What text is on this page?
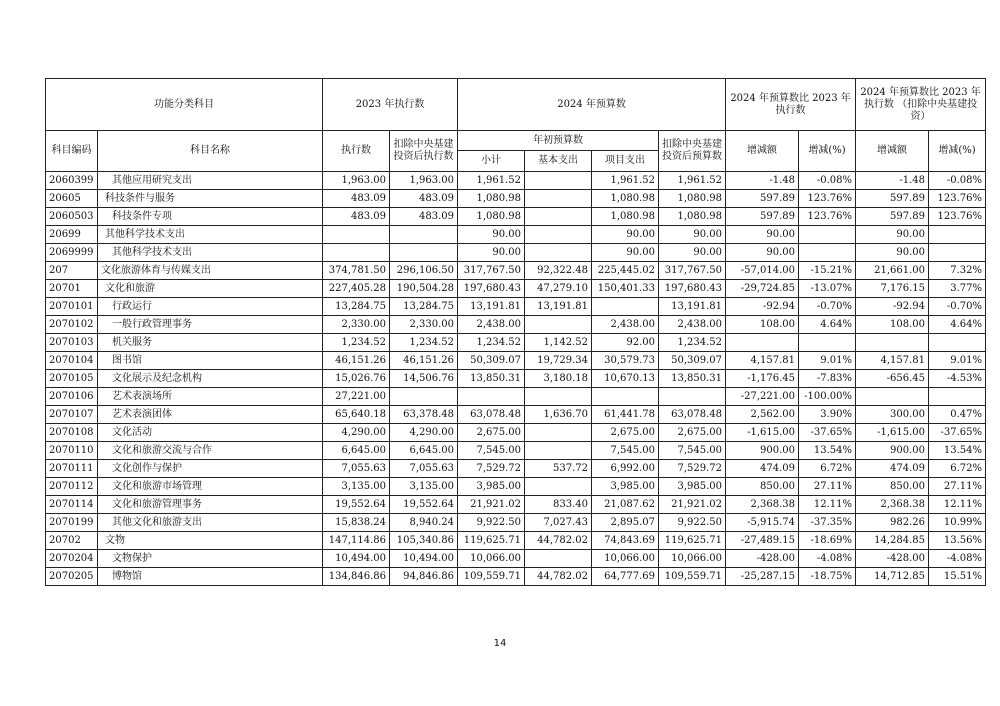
功能分类科目		2023 年执行数		2024 年预算数				2024 年预算数比 2023 年执行数		2024 年预算数比 2023 年执行数 （扣除中央基建投资）	
科目编码	科目名称	执行数	扣除中央基建投资后执行数	年初预算数			扣除中央基建投资后预算数	增减额	增减(%)	增减额	增减(%)
				小计	基本支出	项目支出					
2060399	其他应用研究支出	1,963.00	1,963.00	1,961.52		1,961.52	1,961.52	-1.48	-0.08%	-1.48	-0.08%
20605	科技条件与服务	483.09	483.09	1,080.98		1,080.98	1,080.98	597.89	123.76%	597.89	123.76%
2060503	科技条件专项	483.09	483.09	1,080.98		1,080.98	1,080.98	597.89	123.76%	597.89	123.76%
20699	其他科学技术支出			90.00		90.00	90.00	90.00		90.00	
2069999	其他科学技术支出			90.00		90.00	90.00	90.00		90.00	
207	文化旅游体育与传媒支出	374,781.50	296,106.50	317,767.50	92,322.48	225,445.02	317,767.50	-57,014.00	-15.21%	21,661.00	7.32%
20701	文化和旅游	227,405.28	190,504.28	197,680.43	47,279.10	150,401.33	197,680.43	-29,724.85	-13.07%	7,176.15	3.77%
2070101	行政运行	13,284.75	13,284.75	13,191.81	13,191.81		13,191.81	-92.94	-0.70%	-92.94	-0.70%
2070102	一般行政管理事务	2,330.00	2,330.00	2,438.00		2,438.00	2,438.00	108.00	4.64%	108.00	4.64%
2070103	机关服务	1,234.52	1,234.52	1,234.52	1,142.52	92.00	1,234.52				
2070104	图书馆	46,151.26	46,151.26	50,309.07	19,729.34	30,579.73	50,309.07	4,157.81	9.01%	4,157.81	9.01%
2070105	文化展示及纪念机构	15,026.76	14,506.76	13,850.31	3,180.18	10,670.13	13,850.31	-1,176.45	-7.83%	-656.45	-4.53%
2070106	艺术表演场所	27,221.00						-27,221.00	-100.00%		
2070107	艺术表演团体	65,640.18	63,378.48	63,078.48	1,636.70	61,441.78	63,078.48	2,562.00	3.90%	300.00	0.47%
2070108	文化活动	4,290.00	4,290.00	2,675.00		2,675.00	2,675.00	-1,615.00	-37.65%	-1,615.00	-37.65%
2070110	文化和旅游交流与合作	6,645.00	6,645.00	7,545.00		7,545.00	7,545.00	900.00	13.54%	900.00	13.54%
2070111	文化创作与保护	7,055.63	7,055.63	7,529.72	537.72	6,992.00	7,529.72	474.09	6.72%	474.09	6.72%
2070112	文化和旅游市场管理	3,135.00	3,135.00	3,985.00		3,985.00	3,985.00	850.00	27.11%	850.00	27.11%
2070114	文化和旅游管理事务	19,552.64	19,552.64	21,921.02	833.40	21,087.62	21,921.02	2,368.38	12.11%	2,368.38	12.11%
2070199	其他文化和旅游支出	15,838.24	8,940.24	9,922.50	7,027.43	2,895.07	9,922.50	-5,915.74	-37.35%	982.26	10.99%
20702	文物	147,114.86	105,340.86	119,625.71	44,782.02	74,843.69	119,625.71	-27,489.15	-18.69%	14,284.85	13.56%
2070204	文物保护	10,494.00	10,494.00	10,066.00		10,066.00	10,066.00	-428.00	-4.08%	-428.00	-4.08%
2070205	博物馆	134,846.86	94,846.86	109,559.71	44,782.02	64,777.69	109,559.71	-25,287.15	-18.75%	14,712.85	15.51%
14
